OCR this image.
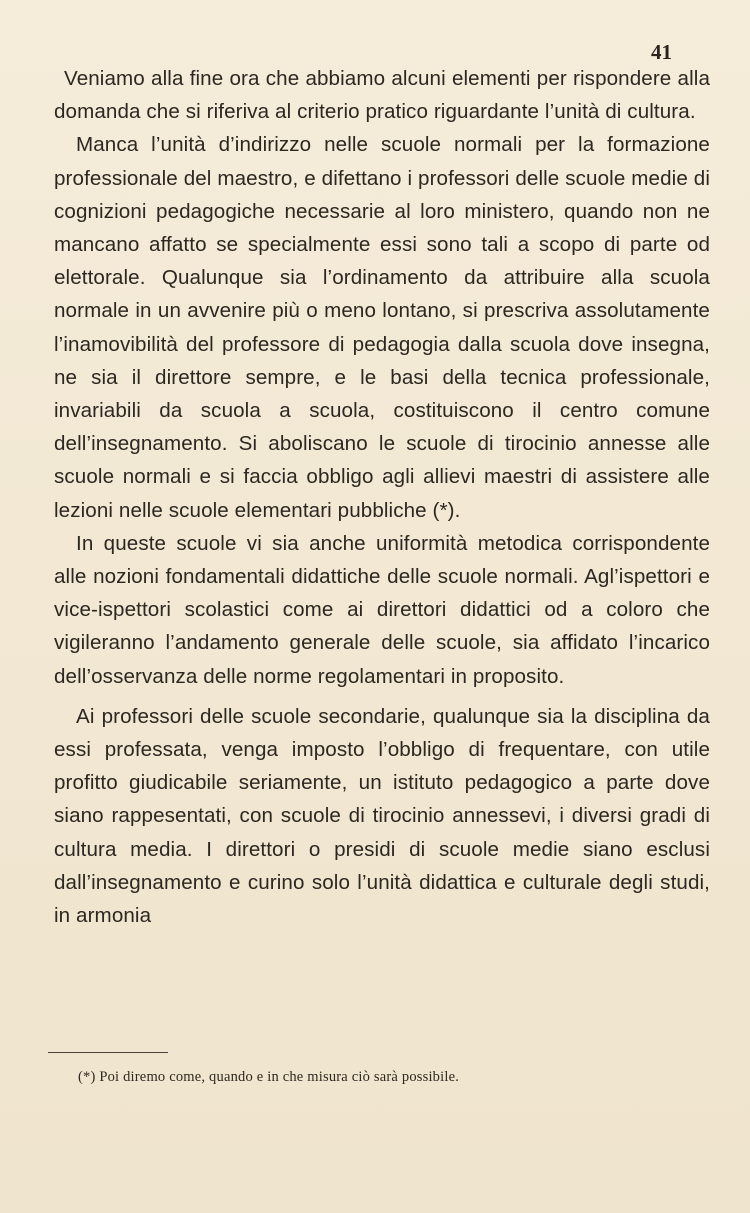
41

Veniamo alla fine ora che abbiamo alcuni elementi per rispondere alla domanda che si riferiva al criterio pratico riguardante l’unità di cultura.

Manca l’unità d’indirizzo nelle scuole normali per la formazione professionale del maestro, e difettano i professori delle scuole medie di cognizioni pedagogiche necessarie al loro ministero, quando non ne mancano affatto se specialmente essi sono tali a scopo di parte od elettorale. Qualunque sia l’ordinamento da attribuire alla scuola normale in un avvenire più o meno lontano, si prescriva assolutamente l’inamovibilità del professore di pedagogia dalla scuola dove insegna, ne sia il direttore sempre, e le basi della tecnica professionale, invariabili da scuola a scuola, costituiscono il centro comune dell’insegnamento. Si aboliscano le scuole di tirocinio annesse alle scuole normali e si faccia obbligo agli allievi maestri di assistere alle lezioni nelle scuole elementari pubbliche (*).

In queste scuole vi sia anche uniformità metodica corrispondente alle nozioni fondamentali didattiche delle scuole normali. Agl’ispettori e vice-ispettori scolastici come ai direttori didattici od a coloro che vigileranno l’andamento generale delle scuole, sia affidato l’incarico dell’osservanza delle norme regolamentari in proposito.

Ai professori delle scuole secondarie, qualunque sia la disciplina da essi professata, venga imposto l’obbligo di frequentare, con utile profitto giudicabile seriamente, un istituto pedagogico a parte dove siano rappesentati, con scuole di tirocinio annessevi, i diversi gradi di cultura media. I direttori o presidi di scuole medie siano esclusi dall’insegnamento e curino solo l’unità didattica e culturale degli studi, in armonia

(*) Poi diremo come, quando e in che misura ciò sarà possibile.
